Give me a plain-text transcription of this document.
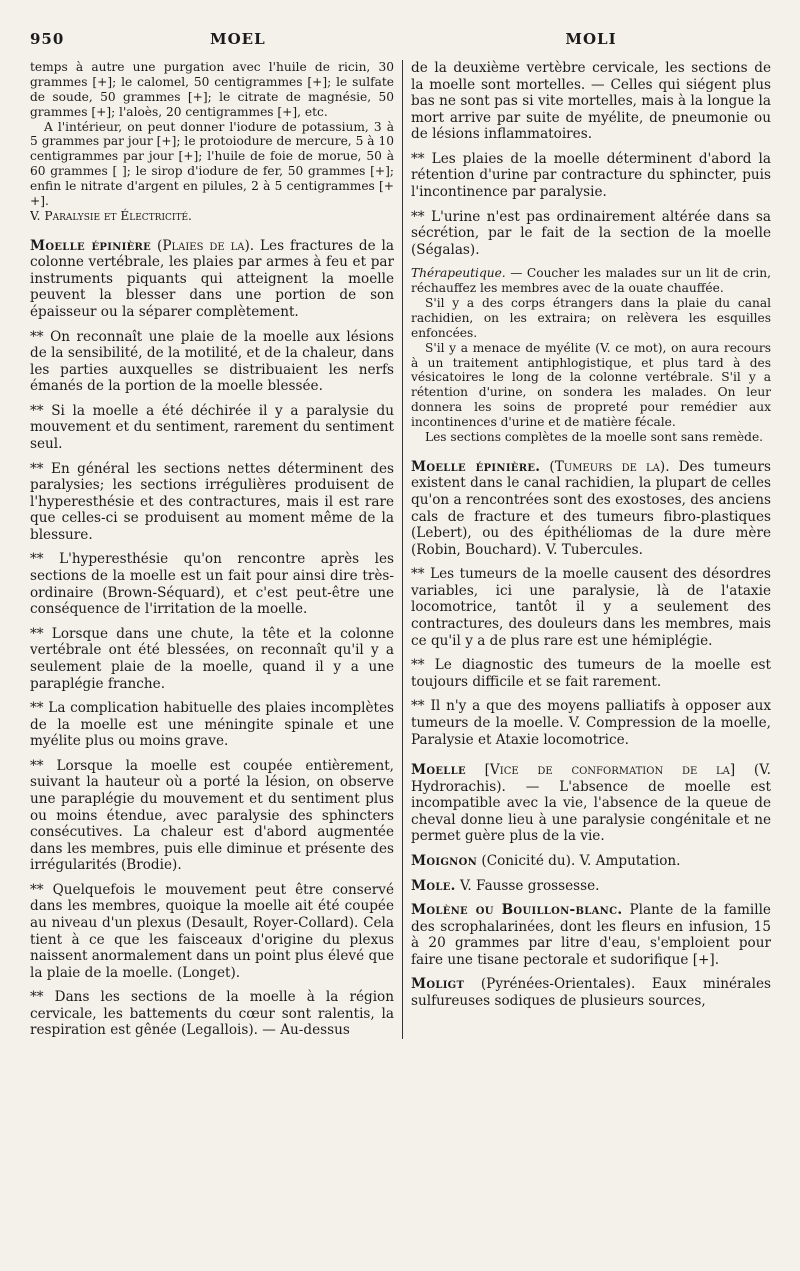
950	MOEL	MOLI

temps à autre une purgation avec l'huile de ricin, 30 grammes [+]; le calomel, 50 centigrammes [+]; le sulfate de soude, 50 grammes [+]; le citrate de magnésie, 50 grammes [+]; l'aloès, 20 centigrammes [+], etc.

A l'intérieur, on peut donner l'iodure de potassium, 3 à 5 grammes par jour [+]; le protoiodure de mercure, 5 à 10 centigrammes par jour [+]; l'huile de foie de morue, 50 à 60 grammes [ ]; le sirop d'iodure de fer, 50 grammes [+]; enfin le nitrate d'argent en pilules, 2 à 5 centigrammes [+ +].

V. Paralysie et Électricité.

Moelle épinière (Plaies de la). Les fractures de la colonne vertébrale, les plaies par armes à feu et par instruments piquants qui atteignent la moelle peuvent la blesser dans une portion de son épaisseur ou la séparer complètement.

** On reconnaît une plaie de la moelle aux lésions de la sensibilité, de la motilité, et de la chaleur, dans les parties auxquelles se distribuaient les nerfs émanés de la portion de la moelle blessée.

** Si la moelle a été déchirée il y a paralysie du mouvement et du sentiment, rarement du sentiment seul.

** En général les sections nettes déterminent des paralysies; les sections irrégulières produisent de l'hyperesthésie et des contractures, mais il est rare que celles-ci se produisent au moment même de la blessure.

** L'hyperesthésie qu'on rencontre après les sections de la moelle est un fait pour ainsi dire très-ordinaire (Brown-Séquard), et c'est peut-être une conséquence de l'irritation de la moelle.

** Lorsque dans une chute, la tête et la colonne vertébrale ont été blessées, on reconnaît qu'il y a seulement plaie de la moelle, quand il y a une paraplégie franche.

** La complication habituelle des plaies incomplètes de la moelle est une méningite spinale et une myélite plus ou moins grave.

** Lorsque la moelle est coupée entièrement, suivant la hauteur où a porté la lésion, on observe une paraplégie du mouvement et du sentiment plus ou moins étendue, avec paralysie des sphincters consécutives. La chaleur est d'abord augmentée dans les membres, puis elle diminue et présente des irrégularités (Brodie).

** Quelquefois le mouvement peut être conservé dans les membres, quoique la moelle ait été coupée au niveau d'un plexus (Desault, Royer-Collard). Cela tient à ce que les faisceaux d'origine du plexus naissent anormalement dans un point plus élevé que la plaie de la moelle. (Longet).

** Dans les sections de la moelle à la région cervicale, les battements du cœur sont ralentis, la respiration est gênée (Legallois). — Au-dessus

de la deuxième vertèbre cervicale, les sections de la moelle sont mortelles. — Celles qui siégent plus bas ne sont pas si vite mortelles, mais à la longue la mort arrive par suite de myélite, de pneumonie ou de lésions inflammatoires.

** Les plaies de la moelle déterminent d'abord la rétention d'urine par contracture du sphincter, puis l'incontinence par paralysie.

** L'urine n'est pas ordinairement altérée dans sa sécrétion, par le fait de la section de la moelle (Ségalas).

Thérapeutique. — Coucher les malades sur un lit de crin, réchauffez les membres avec de la ouate chauffée.

S'il y a des corps étrangers dans la plaie du canal rachidien, on les extraira; on relèvera les esquilles enfoncées.

S'il y a menace de myélite (V. ce mot), on aura recours à un traitement antiphlogistique, et plus tard à des vésicatoires le long de la colonne vertébrale. S'il y a rétention d'urine, on sondera les malades. On leur donnera les soins de propreté pour remédier aux incontinences d'urine et de matière fécale.

Les sections complètes de la moelle sont sans remède.

Moelle épinière. (Tumeurs de la). Des tumeurs existent dans le canal rachidien, la plupart de celles qu'on a rencontrées sont des exostoses, des anciens cals de fracture et des tumeurs fibro-plastiques (Lebert), ou des épithéliomas de la dure mère (Robin, Bouchard). V. Tubercules.

** Les tumeurs de la moelle causent des désordres variables, ici une paralysie, là de l'ataxie locomotrice, tantôt il y a seulement des contractures, des douleurs dans les membres, mais ce qu'il y a de plus rare est une hémiplégie.

** Le diagnostic des tumeurs de la moelle est toujours difficile et se fait rarement.

** Il n'y a que des moyens palliatifs à opposer aux tumeurs de la moelle. V. Compression de la moelle, Paralysie et Ataxie locomotrice.

Moelle [Vice de conformation de la] (V. Hydrorachis). — L'absence de moelle est incompatible avec la vie, l'absence de la queue de cheval donne lieu à une paralysie congénitale et ne permet guère plus de la vie.

Moignon (Conicité du). V. Amputation.

Mole. V. Fausse grossesse.

Molène ou Bouillon-blanc. Plante de la famille des scrophalarinées, dont les fleurs en infusion, 15 à 20 grammes par litre d'eau, s'emploient pour faire une tisane pectorale et sudorifique [+].

Moligt (Pyrénées-Orientales). Eaux minérales sulfureuses sodiques de plusieurs sources,
